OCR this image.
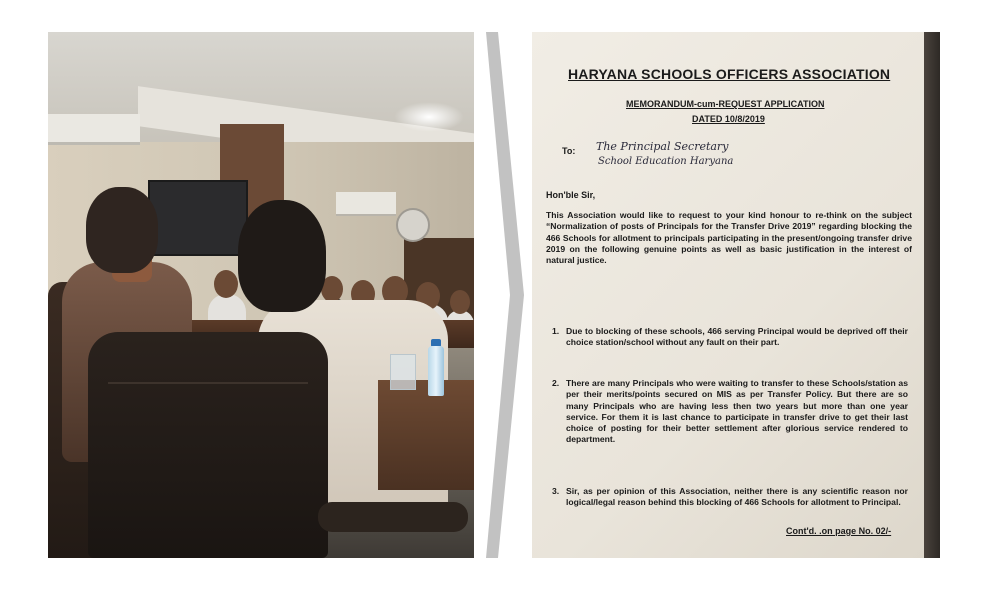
HARYANA SCHOOLS OFFICERS ASSOCIATION
MEMORANDUM-cum-REQUEST APPLICATION
DATED 10/8/2019
To: The Principal Secretary
School Education Haryana
Hon'ble Sir,
This Association would like to request to your kind honour to re-think on the subject “Normalization of posts of Principals for the Transfer Drive 2019” regarding blocking the 466 Schools for allotment to principals participating in the present/ongoing transfer drive 2019 on the following genuine points as well as basic justification in the interest of natural justice.
1. Due to blocking of these schools, 466 serving Principal would be deprived off their choice station/school without any fault on their part.
2. There are many Principals who were waiting to transfer to these Schools/station as per their merits/points secured on MIS as per Transfer Policy. But there are so many Principals who are having less then two years but more than one year service. For them it is last chance to participate in transfer drive to get their last choice of posting for their better settlement after glorious service rendered to department.
3. Sir, as per opinion of this Association, neither there is any scientific reason nor logical/legal reason behind this blocking of 466 Schools for allotment to Principal.
Cont'd. .on page No. 02/-
